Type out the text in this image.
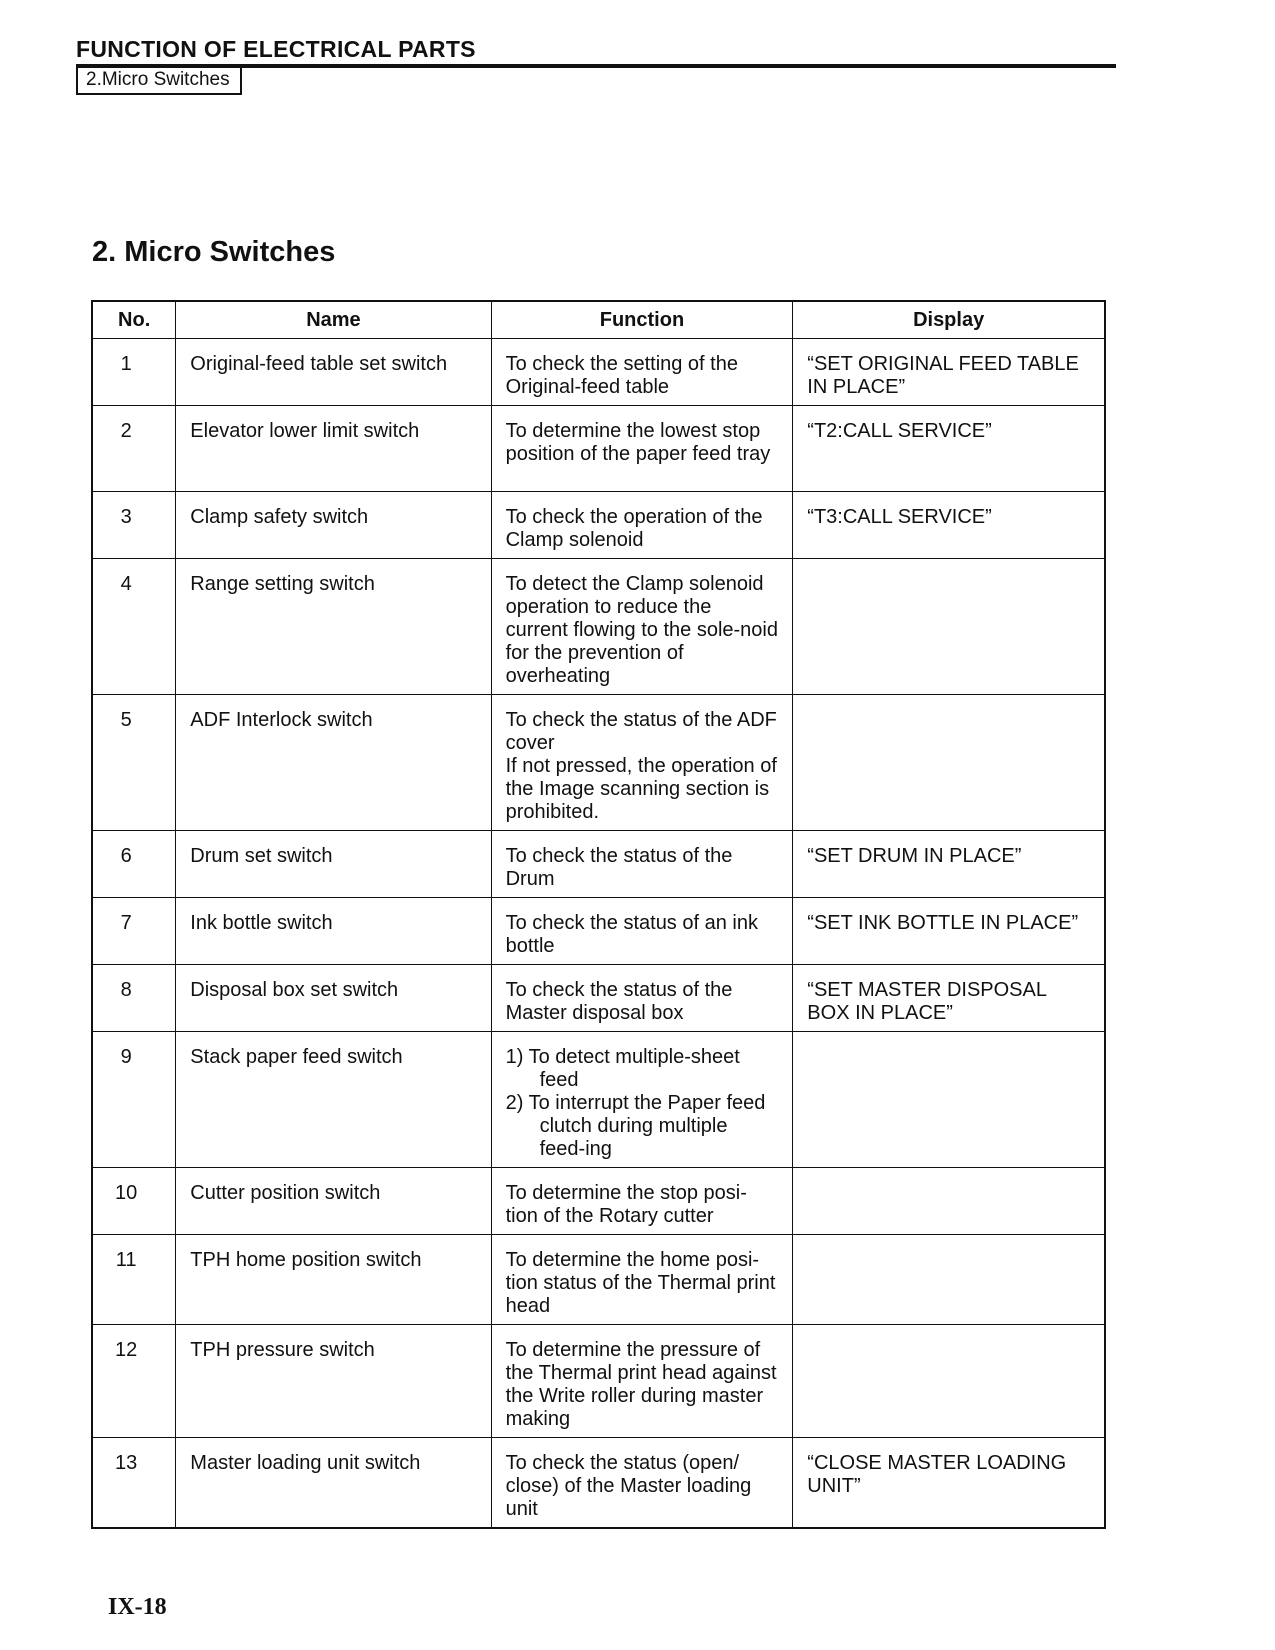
FUNCTION OF ELECTRICAL PARTS
2.Micro Switches
2. Micro Switches
No.	Name	Function	Display
1	Original-feed table set switch	To check the setting of the Original-feed table	“SET ORIGINAL FEED TABLE IN PLACE”
2	Elevator lower limit switch	To determine the lowest stop position of the paper feed tray	“T2:CALL SERVICE”
3	Clamp safety switch	To check the operation of the Clamp solenoid	“T3:CALL SERVICE”
4	Range setting switch	To detect the Clamp solenoid operation to reduce the current flowing to the sole-noid for the prevention of overheating	

5	ADF Interlock switch	To check the status of the ADF cover
If not pressed, the operation of the Image scanning section is prohibited.	

6	Drum set switch	To check the status of the Drum	“SET DRUM IN PLACE”
7	Ink bottle switch	To check the status of an ink bottle	“SET INK BOTTLE IN PLACE”
8	Disposal box set switch	To check the status of the Master disposal box	“SET MASTER DISPOSAL BOX IN PLACE”
9	Stack paper feed switch	1) To detect multiple-sheet feed
2) To interrupt the Paper feed clutch during multiple feed-ing	

10	Cutter position switch	To determine the stop posi-tion of the Rotary cutter	

11	TPH home position switch	To determine the home posi-tion status of the Thermal print head	

12	TPH pressure switch	To determine the pressure of the Thermal print head against the Write roller during master making	

13	Master loading unit switch	To check the status (open/ close) of the Master loading unit	“CLOSE MASTER LOADING UNIT”
IX-18
